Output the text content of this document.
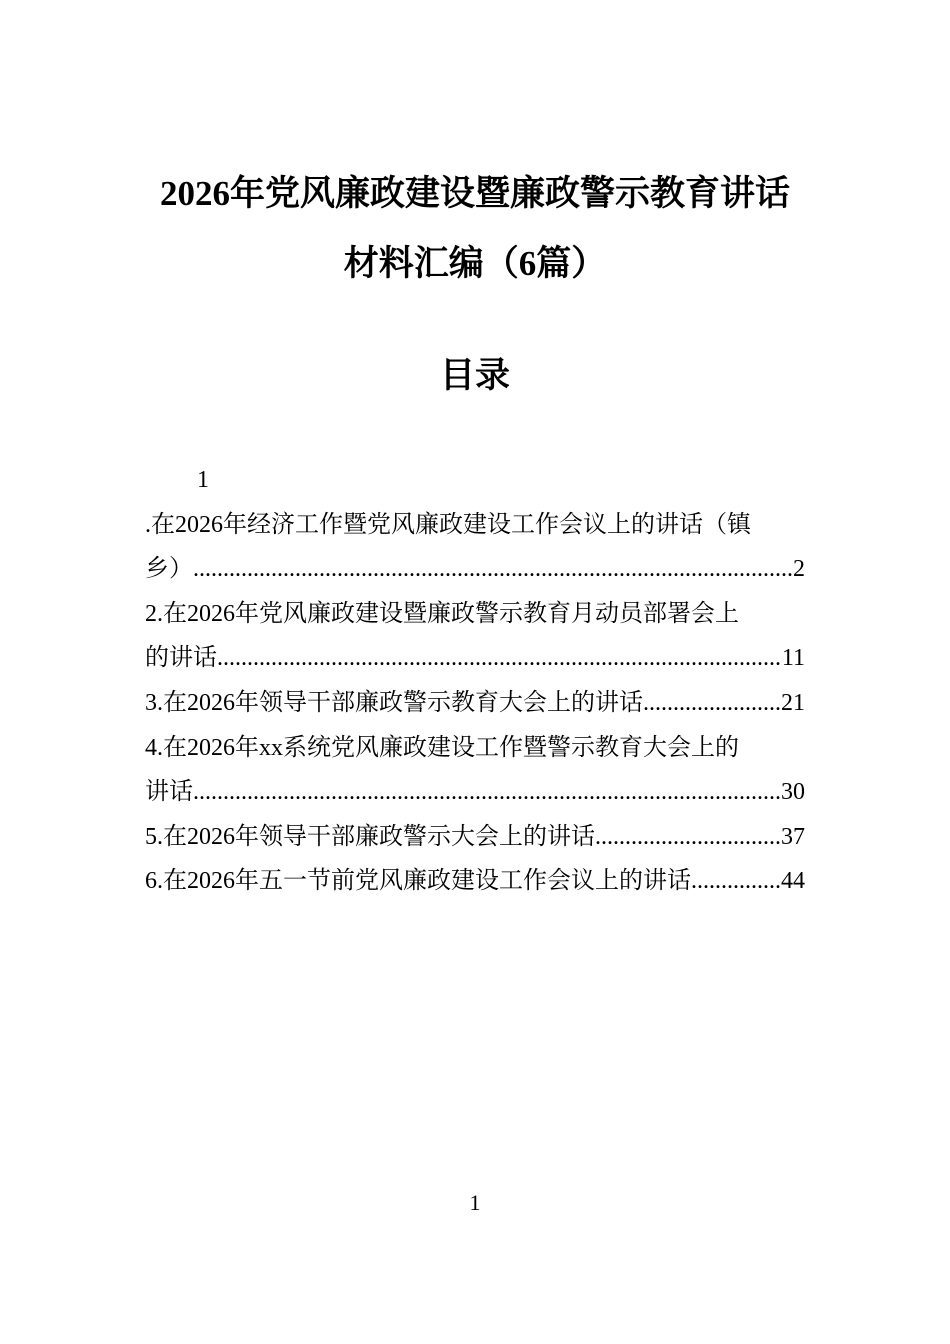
2026年党风廉政建设暨廉政警示教育讲话
材料汇编（6篇）
目录
1
.在2026年经济工作暨党风廉政建设工作会议上的讲话（镇
乡） .....	2
2.在2026年党风廉政建设暨廉政警示教育月动员部署会上
的讲话 .....	11
3.在2026年领导干部廉政警示教育大会上的讲话 .....	21
4.在2026年xx系统党风廉政建设工作暨警示教育大会上的
讲话 .....	30
5.在2026年领导干部廉政警示大会上的讲话 .....	37
6.在2026年五一节前党风廉政建设工作会议上的讲话 .....	44
1
